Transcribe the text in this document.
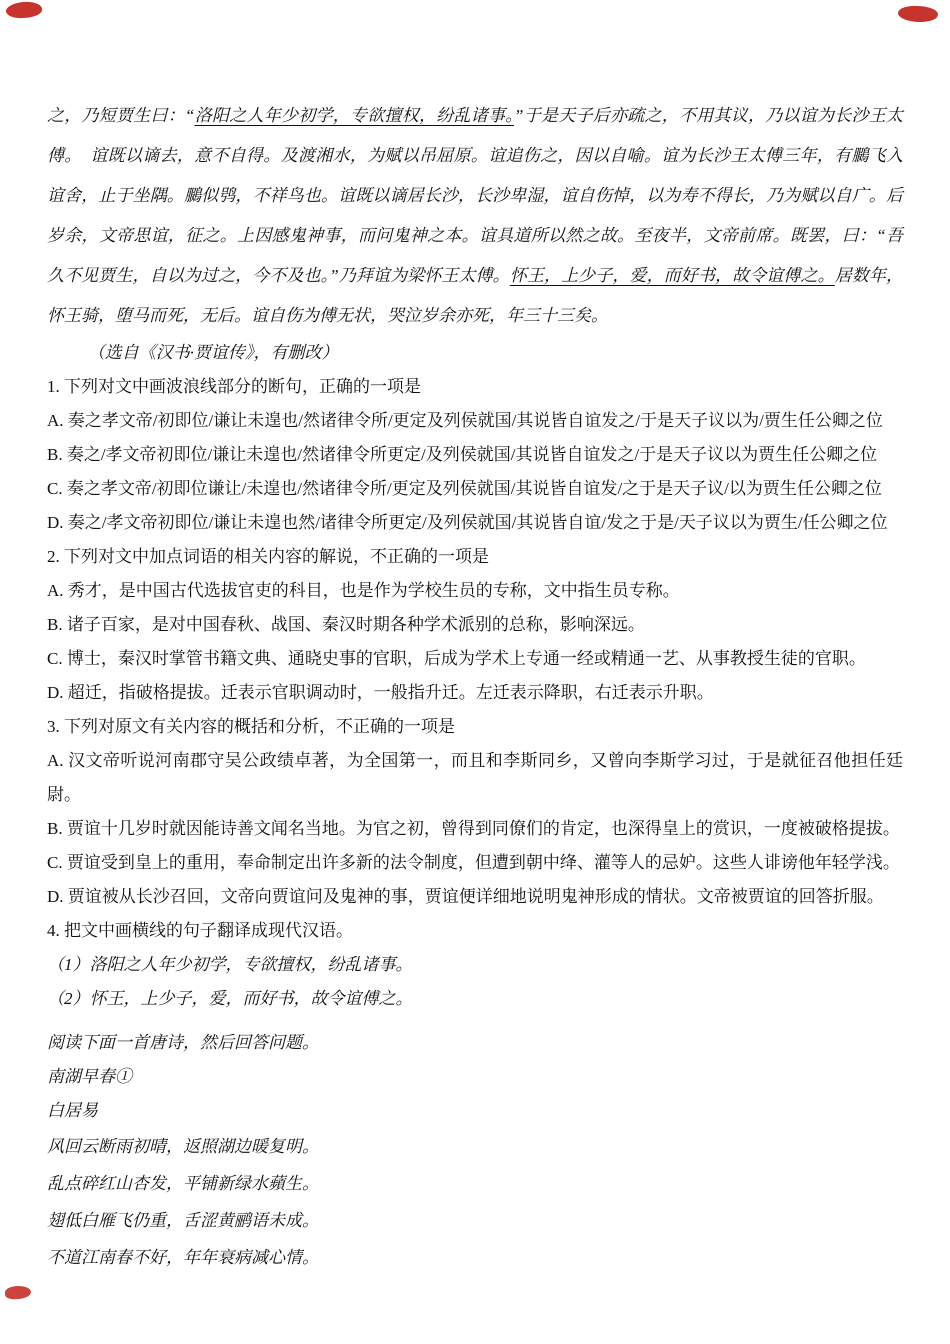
之，乃短贾生曰：“洛阳之人年少初学，专欲擅权，纷乱诸事。”于是天子后亦疏之，不用其议，乃以谊为长沙王太傅。　谊既以谪去，意不自得。及渡湘水，为赋以吊屈原。谊追伤之，因以自喻。谊为长沙王太傅三年，有鵩飞入谊舍，止于坐隅。鵩似鸮，不祥鸟也。谊既以谪居长沙，长沙卑湿，谊自伤悼，以为寿不得长，乃为赋以自广。后岁余，文帝思谊，征之。上因感鬼神事，而问鬼神之本。谊具道所以然之故。至夜半，文帝前席。既罢，曰：“吾久不见贾生，自以为过之，今不及也。”乃拜谊为梁怀王太傅。怀王，上少子，爱，而好书，故令谊傅之。居数年，怀王骑，堕马而死，无后。谊自伤为傅无状，哭泣岁余亦死，年三十三矣。

（选自《汉书·贾谊传》，有删改）

1. 下列对文中画波浪线部分的断句，正确的一项是

A. 奏之孝文帝/初即位/谦让未遑也/然诸律令所/更定及列侯就国/其说皆自谊发之/于是天子议以为/贾生任公卿之位

B. 奏之/孝文帝初即位/谦让未遑也/然诸律令所更定/及列侯就国/其说皆自谊发之/于是天子议以为贾生任公卿之位

C. 奏之孝文帝/初即位谦让/未遑也/然诸律令所/更定及列侯就国/其说皆自谊发/之于是天子议/以为贾生任公卿之位

D. 奏之/孝文帝初即位/谦让未遑也然/诸律令所更定/及列侯就国/其说皆自谊/发之于是/天子议以为贾生/任公卿之位

2. 下列对文中加点词语的相关内容的解说，不正确的一项是

A. 秀才，是中国古代选拔官吏的科目，也是作为学校生员的专称，文中指生员专称。

B. 诸子百家，是对中国春秋、战国、秦汉时期各种学术派别的总称，影响深远。

C. 博士，秦汉时掌管书籍文典、通晓史事的官职，后成为学术上专通一经或精通一艺、从事教授生徒的官职。

D. 超迁，指破格提拔。迁表示官职调动时，一般指升迁。左迁表示降职，右迁表示升职。

3. 下列对原文有关内容的概括和分析，不正确的一项是

A. 汉文帝听说河南郡守吴公政绩卓著，为全国第一，而且和李斯同乡，又曾向李斯学习过，于是就征召他担任廷尉。

B. 贾谊十几岁时就因能诗善文闻名当地。为官之初，曾得到同僚们的肯定，也深得皇上的赏识，一度被破格提拔。

C. 贾谊受到皇上的重用，奉命制定出许多新的法令制度，但遭到朝中绛、灌等人的忌妒。这些人诽谤他年轻学浅。

D. 贾谊被从长沙召回，文帝向贾谊问及鬼神的事，贾谊便详细地说明鬼神形成的情状。文帝被贾谊的回答折服。

4. 把文中画横线的句子翻译成现代汉语。

（1）洛阳之人年少初学，专欲擅权，纷乱诸事。

（2）怀王，上少子，爱，而好书，故令谊傅之。

阅读下面一首唐诗，然后回答问题。

南湖早春①

白居易

风回云断雨初晴，返照湖边暖复明。

乱点碎红山杏发，平铺新绿水蘋生。

翅低白雁飞仍重，舌涩黄鹂语未成。

不道江南春不好，年年衰病减心情。
